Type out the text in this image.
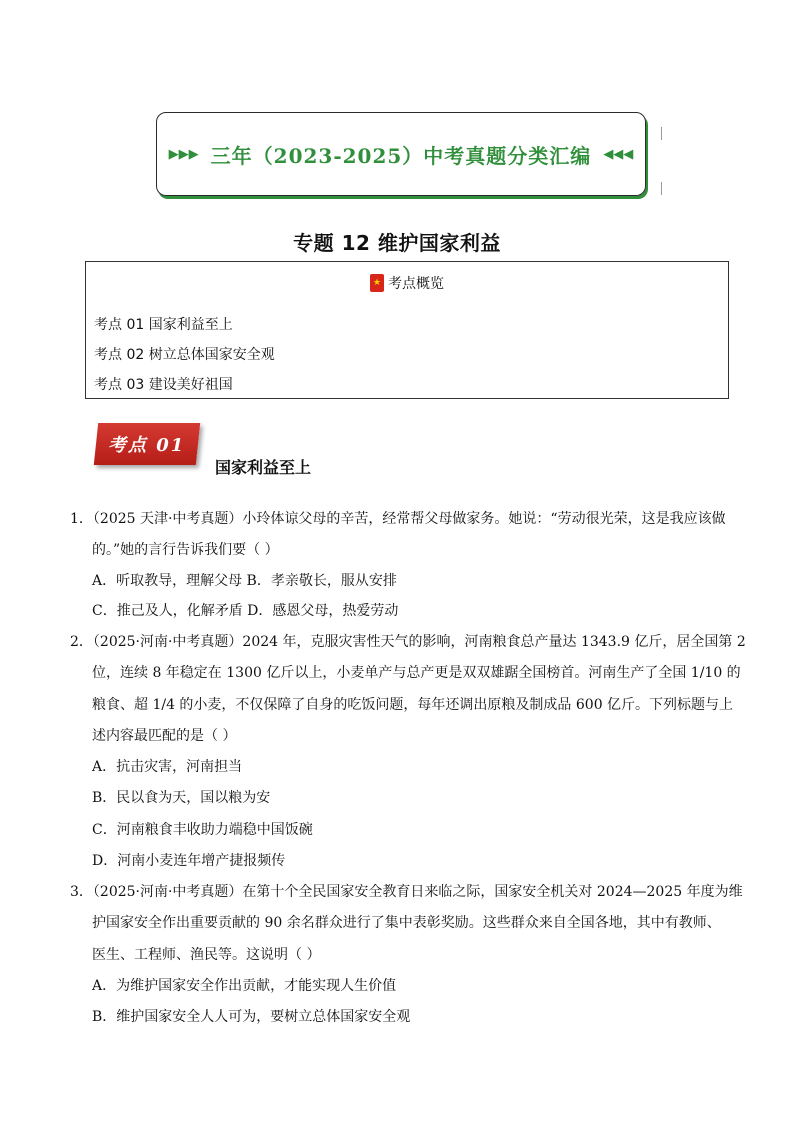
▶▶▶ 三年（2023-2025）中考真题分类汇编 ◀◀◀
专题 12 维护国家利益
★ 考点概览
考点 01 国家利益至上
考点 02 树立总体国家安全观
考点 03 建设美好祖国
考点 01
国家利益至上
1．（2025 天津·中考真题）小玲体谅父母的辛苦，经常帮父母做家务。她说：“劳动很光荣，这是我应该做
的。”她的言行告诉我们要（ ）
A．听取教导，理解父母 B．孝亲敬长，服从安排
C．推己及人，化解矛盾 D．感恩父母，热爱劳动
2．（2025·河南·中考真题）2024 年，克服灾害性天气的影响，河南粮食总产量达 1343.9 亿斤，居全国第 2
位，连续 8 年稳定在 1300 亿斤以上，小麦单产与总产更是双双雄踞全国榜首。河南生产了全国 1/10 的
粮食、超 1/4 的小麦，不仅保障了自身的吃饭问题，每年还调出原粮及制成品 600 亿斤。下列标题与上
述内容最匹配的是（ ）
A．抗击灾害，河南担当
B．民以食为天，国以粮为安
C．河南粮食丰收助力端稳中国饭碗
D．河南小麦连年增产捷报频传
3．（2025·河南·中考真题）在第十个全民国家安全教育日来临之际，国家安全机关对 2024—2025 年度为维
护国家安全作出重要贡献的 90 余名群众进行了集中表彰奖励。这些群众来自全国各地，其中有教师、
医生、工程师、渔民等。这说明（ ）
A．为维护国家安全作出贡献，才能实现人生价值
B．维护国家安全人人可为，要树立总体国家安全观
